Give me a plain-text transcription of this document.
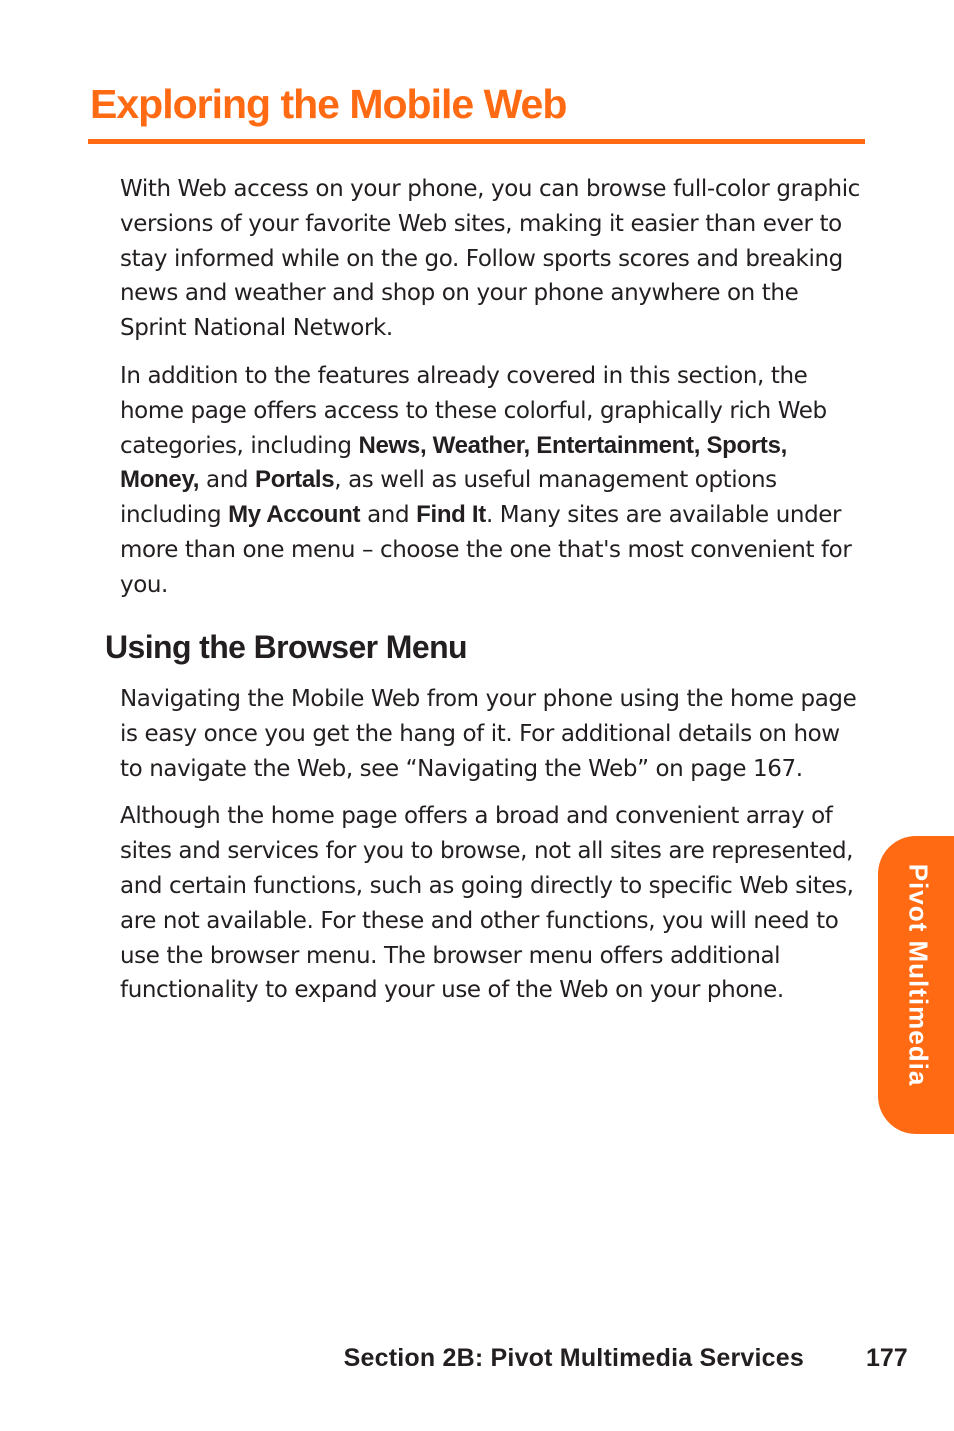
Exploring the Mobile Web

With Web access on your phone, you can browse full-color graphic versions of your favorite Web sites, making it easier than ever to stay informed while on the go. Follow sports scores and breaking news and weather and shop on your phone anywhere on the Sprint National Network.

In addition to the features already covered in this section, the home page offers access to these colorful, graphically rich Web categories, including News, Weather, Entertainment, Sports, Money, and Portals, as well as useful management options including My Account and Find It. Many sites are available under more than one menu – choose the one that's most convenient for you.

Using the Browser Menu

Navigating the Mobile Web from your phone using the home page is easy once you get the hang of it. For additional details on how to navigate the Web, see “Navigating the Web” on page 167.

Although the home page offers a broad and convenient array of sites and services for you to browse, not all sites are represented, and certain functions, such as going directly to specific Web sites, are not available. For these and other functions, you will need to use the browser menu. The browser menu offers additional functionality to expand your use of the Web on your phone.	Pivot Multimedia
Section 2B: Pivot Multimedia Services 177
